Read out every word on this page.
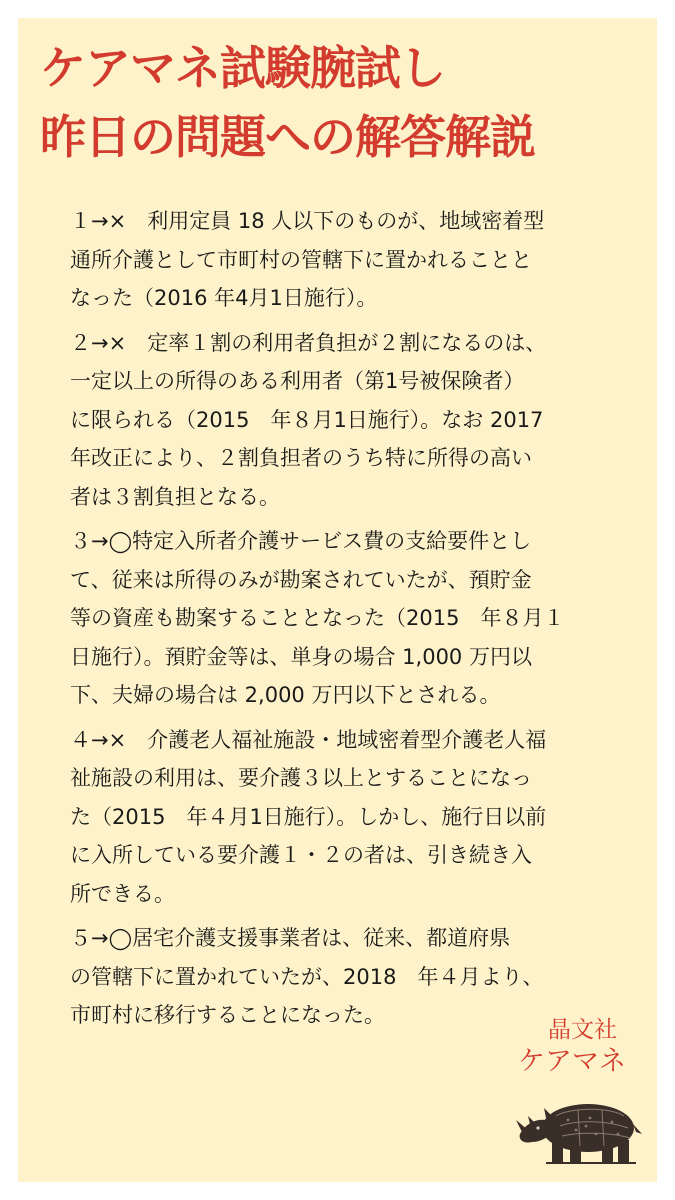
ケアマネ試験腕試し
昨日の問題への解答解説

１→×　利用定員 18 人以下のものが、地域密着型
通所介護として市町村の管轄下に置かれることと
なった（2016 年4月1日施行）。

２→×　定率１割の利用者負担が２割になるのは、
一定以上の所得のある利用者（第1号被保険者）
に限られる（2015　年８月1日施行）。なお 2017
年改正により、２割負担者のうち特に所得の高い
者は３割負担となる。

３→◯特定入所者介護サービス費の支給要件とし
て、従来は所得のみが勘案されていたが、預貯金
等の資産も勘案することとなった（2015　年８月１
日施行）。預貯金等は、単身の場合 1,000 万円以
下、夫婦の場合は 2,000 万円以下とされる。

４→×　介護老人福祉施設・地域密着型介護老人福
祉施設の利用は、要介護３以上とすることになっ
た（2015　年４月1日施行）。しかし、施行日以前
に入所している要介護１・２の者は、引き続き入
所できる。

５→◯居宅介護支援事業者は、従来、都道府県
の管轄下に置かれていたが、2018　年４月より、
市町村に移行することになった。

晶文社
ケアマネ
